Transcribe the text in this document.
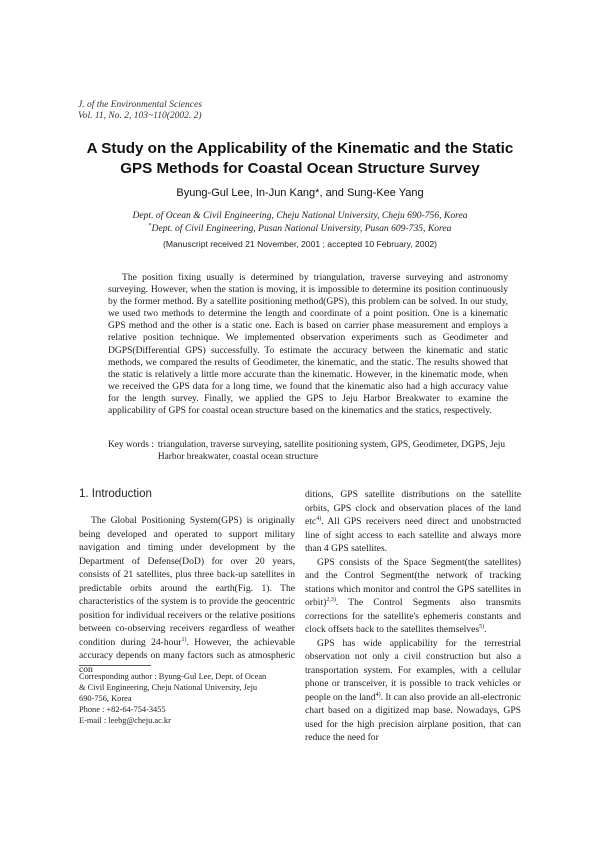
J. of the Environmental Sciences
Vol. 11, No. 2, 103~110(2002. 2)
A Study on the Applicability of the Kinematic and the Static
GPS Methods for Coastal Ocean Structure Survey
Byung-Gul Lee, In-Jun Kang*, and Sung-Kee Yang
Dept. of Ocean & Civil Engineering, Cheju National University, Cheju 690-756, Korea
*Dept. of Civil Engineering, Pusan National University, Pusan 609-735, Korea
(Manuscript received 21 November, 2001 ; accepted 10 February, 2002)
The position fixing usually is determined by triangulation, traverse surveying and astronomy surveying. However, when the station is moving, it is impossible to determine its position continuously by the former method. By a satellite positioning method(GPS), this problem can be solved. In our study, we used two methods to determine the length and coordinate of a point position. One is a kinematic GPS method and the other is a static one. Each is based on carrier phase measurement and employs a relative position technique. We implemented observation experiments such as Geodimeter and DGPS(Differential GPS) successfully. To estimate the accuracy between the kinematic and static methods, we compared the results of Geodimeter, the kinematic, and the static. The results showed that the static is relatively a little more accurate than the kinematic. However, in the kinematic mode, when we received the GPS data for a long time, we found that the kinematic also had a high accuracy value for the length survey. Finally, we applied the GPS to Jeju Harbor Breakwater to examine the applicability of GPS for coastal ocean structure based on the kinematics and the statics, respectively.
Key words : triangulation, traverse surveying, satellite positioning system, GPS, Geodimeter, DGPS, Jeju Harbor breakwater, coastal ocean structure
1. Introduction

The Global Positioning System(GPS) is originally being developed and operated to support military navigation and timing under development by the Department of Defense(DoD) for over 20 years, consists of 21 satellites, plus three back-up satellites in predictable orbits around the earth(Fig. 1). The characteristics of the system is to provide the geocentric position for individual receivers or the relative positions between co-observing receivers regardless of weather condition during 24-hour$^{1)}$. However, the achievable accuracy depends on many factors such as atmospheric con

Corresponding author : Byung-Gul Lee, Dept. of Ocean
& Civil Engineering, Cheju National University, Jeju
690-756, Korea
Phone : +82-64-754-3455
E-mail : leebg@cheju.ac.kr

ditions, GPS satellite distributions on the satellite orbits, GPS clock and observation places of the land etc$^{4)}$. All GPS receivers need direct and unobstructed line of sight access to each satellite and always more than 4 GPS satellites.

GPS consists of the Space Segment(the satellites) and the Control Segment(the network of tracking stations which monitor and control the GPS satellites in orbit)$^{2,3)}$. The Control Segments also transmits corrections for the satellite's ephemeris constants and clock offsets back to the satellites themselves$^{5)}$.

GPS has wide applicability for the terrestrial observation not only a civil construction but also a transportation system. For examples, with a cellular phone or transceiver, it is possible to track vehicles or people on the land$^{4)}$. It can also provide an all-electronic chart based on a digitized map base. Nowadays, GPS used for the high precision airplane position, that can reduce the need for
